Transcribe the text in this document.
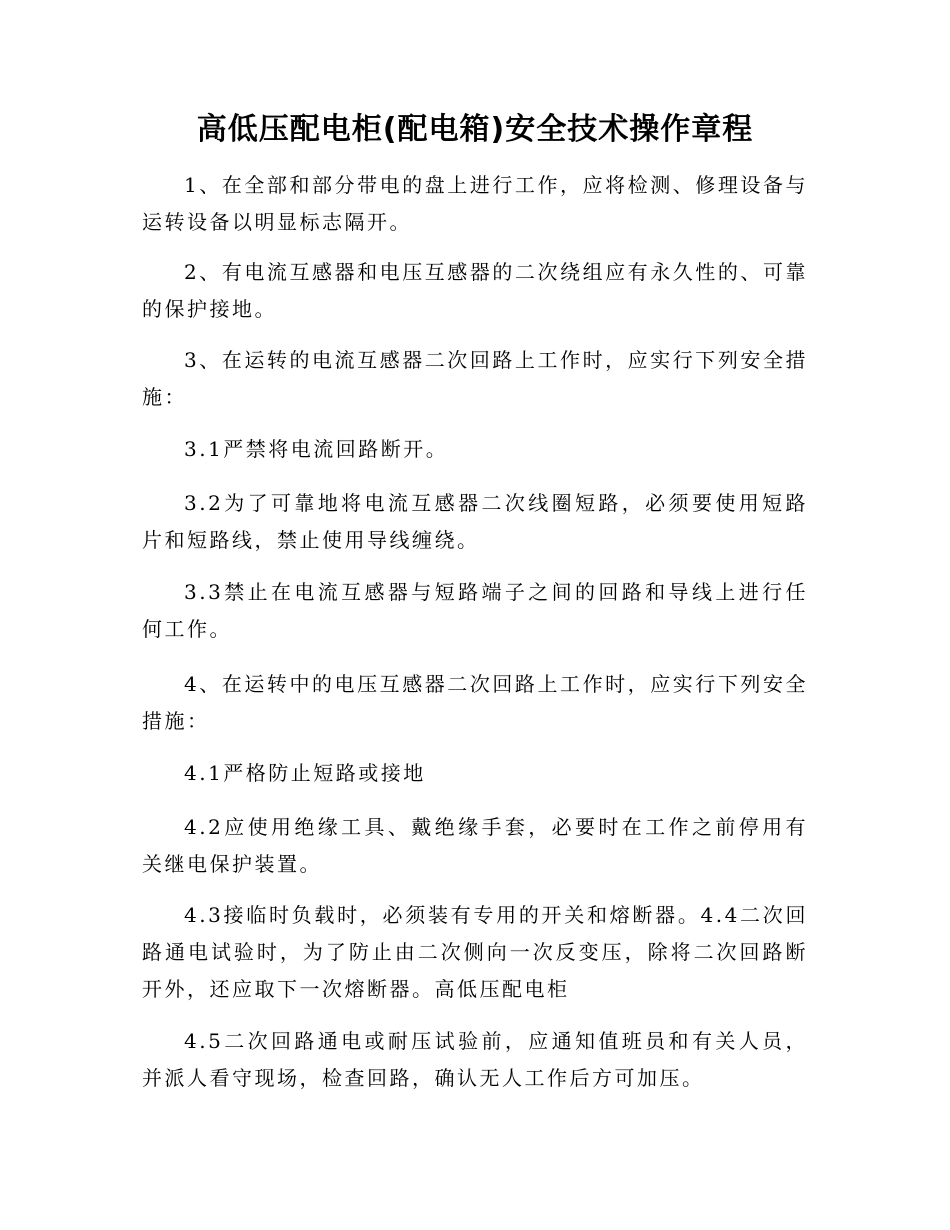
高低压配电柜(配电箱)安全技术操作章程
1、在全部和部分带电的盘上进行工作，应将检测、修理设备与运转设备以明显标志隔开。
2、有电流互感器和电压互感器的二次绕组应有永久性的、可靠的保护接地。
3、在运转的电流互感器二次回路上工作时，应实行下列安全措施：
3.1严禁将电流回路断开。
3.2为了可靠地将电流互感器二次线圈短路，必须要使用短路片和短路线，禁止使用导线缠绕。
3.3禁止在电流互感器与短路端子之间的回路和导线上进行任何工作。
4、在运转中的电压互感器二次回路上工作时，应实行下列安全措施：
4.1严格防止短路或接地
4.2应使用绝缘工具、戴绝缘手套，必要时在工作之前停用有关继电保护装置。
4.3接临时负载时，必须装有专用的开关和熔断器。4.4二次回路通电试验时，为了防止由二次侧向一次反变压，除将二次回路断开外，还应取下一次熔断器。高低压配电柜
4.5二次回路通电或耐压试验前，应通知值班员和有关人员，并派人看守现场，检查回路，确认无人工作后方可加压。
